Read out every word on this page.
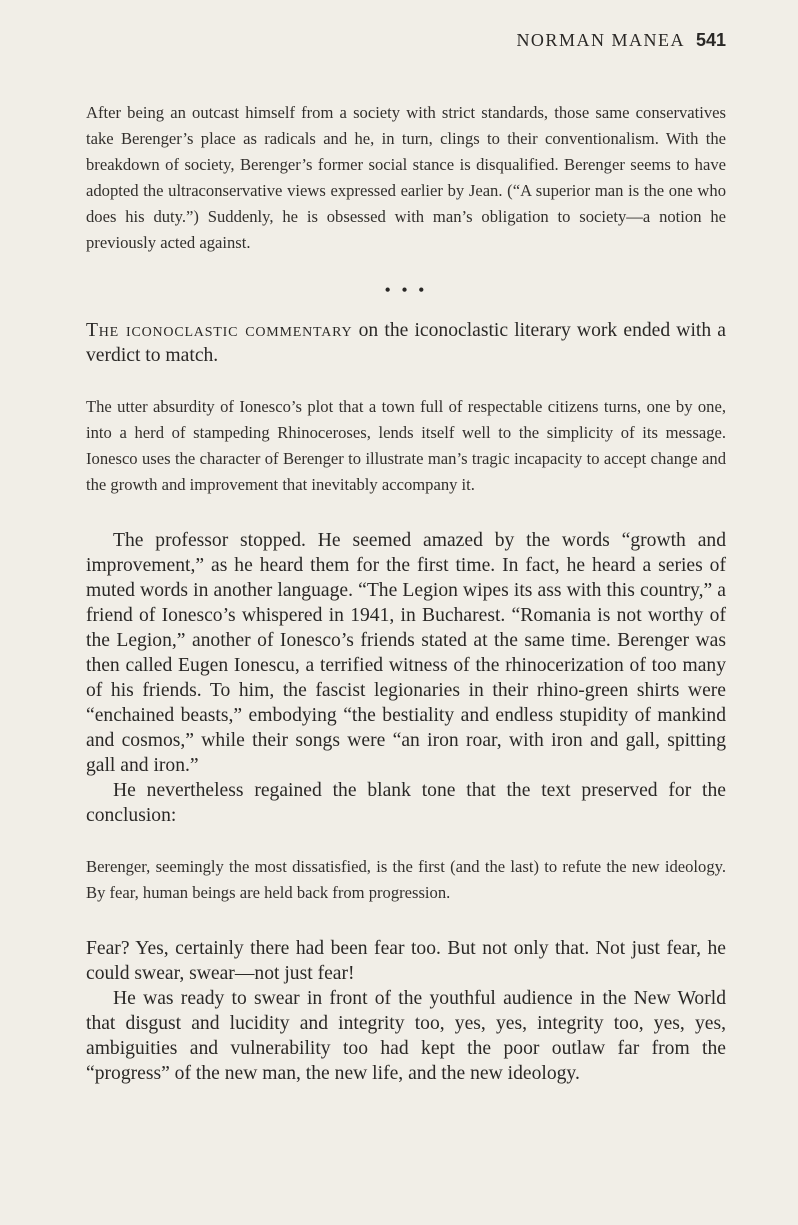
NORMAN MANEA 541

After being an outcast himself from a society with strict standards, those same conservatives take Berenger’s place as radicals and he, in turn, clings to their conventionalism. With the breakdown of society, Berenger’s former social stance is disqualified. Berenger seems to have adopted the ultraconservative views expressed earlier by Jean. (“A superior man is the one who does his duty.”) Suddenly, he is obsessed with man’s obligation to society—a notion he previously acted against.

• • •

The iconoclastic commentary on the iconoclastic literary work ended with a verdict to match.

The utter absurdity of Ionesco’s plot that a town full of respectable citizens turns, one by one, into a herd of stampeding Rhinoceroses, lends itself well to the simplicity of its message. Ionesco uses the character of Berenger to illustrate man’s tragic incapacity to accept change and the growth and improvement that inevitably accompany it.

The professor stopped. He seemed amazed by the words “growth and improvement,” as he heard them for the first time. In fact, he heard a series of muted words in another language. “The Legion wipes its ass with this country,” a friend of Ionesco’s whispered in 1941, in Bucharest. “Romania is not worthy of the Legion,” another of Ionesco’s friends stated at the same time. Berenger was then called Eugen Ionescu, a terrified witness of the rhinocerization of too many of his friends. To him, the fascist legionaries in their rhino-green shirts were “enchained beasts,” embodying “the bestiality and endless stupidity of mankind and cosmos,” while their songs were “an iron roar, with iron and gall, spitting gall and iron.”

He nevertheless regained the blank tone that the text preserved for the conclusion:

Berenger, seemingly the most dissatisfied, is the first (and the last) to refute the new ideology. By fear, human beings are held back from progression.

Fear? Yes, certainly there had been fear too. But not only that. Not just fear, he could swear, swear—not just fear!

He was ready to swear in front of the youthful audience in the New World that disgust and lucidity and integrity too, yes, yes, integrity too, yes, yes, ambiguities and vulnerability too had kept the poor outlaw far from the “progress” of the new man, the new life, and the new ideology.
